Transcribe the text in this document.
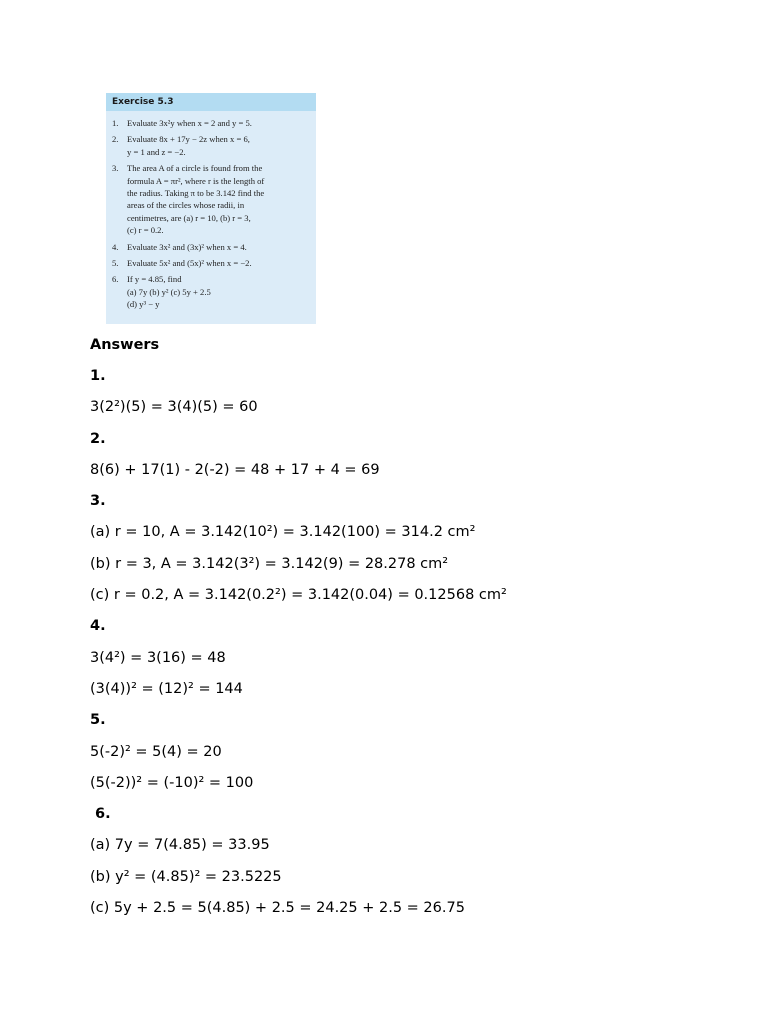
Exercise 5.3
1. Evaluate 3x²y when x = 2 and y = 5.
2. Evaluate 8x + 17y − 2z when x = 6,
y = 1 and z = −2.
3. The area A of a circle is found from the
formula A = πr², where r is the length of
the radius. Taking π to be 3.142 find the
areas of the circles whose radii, in
centimetres, are (a) r = 10, (b) r = 3,
(c) r = 0.2.
4. Evaluate 3x² and (3x)² when x = 4.
5. Evaluate 5x² and (5x)² when x = −2.
6. If y = 4.85, find
(a) 7y (b) y² (c) 5y + 2.5
(d) y³ − y
Answers
1.
3(2²)(5) = 3(4)(5) = 60
2.
8(6) + 17(1) - 2(-2) = 48 + 17 + 4 = 69
3.
(a) r = 10, A = 3.142(10²) = 3.142(100) = 314.2 cm²
(b) r = 3, A = 3.142(3²) = 3.142(9) = 28.278 cm²
(c) r = 0.2, A = 3.142(0.2²) = 3.142(0.04) = 0.12568 cm²
4.
3(4²) = 3(16) = 48
(3(4))² = (12)² = 144
5.
5(-2)² = 5(4) = 20
(5(-2))² = (-10)² = 100
6.
(a) 7y = 7(4.85) = 33.95
(b) y² = (4.85)² = 23.5225
(c) 5y + 2.5 = 5(4.85) + 2.5 = 24.25 + 2.5 = 26.75
